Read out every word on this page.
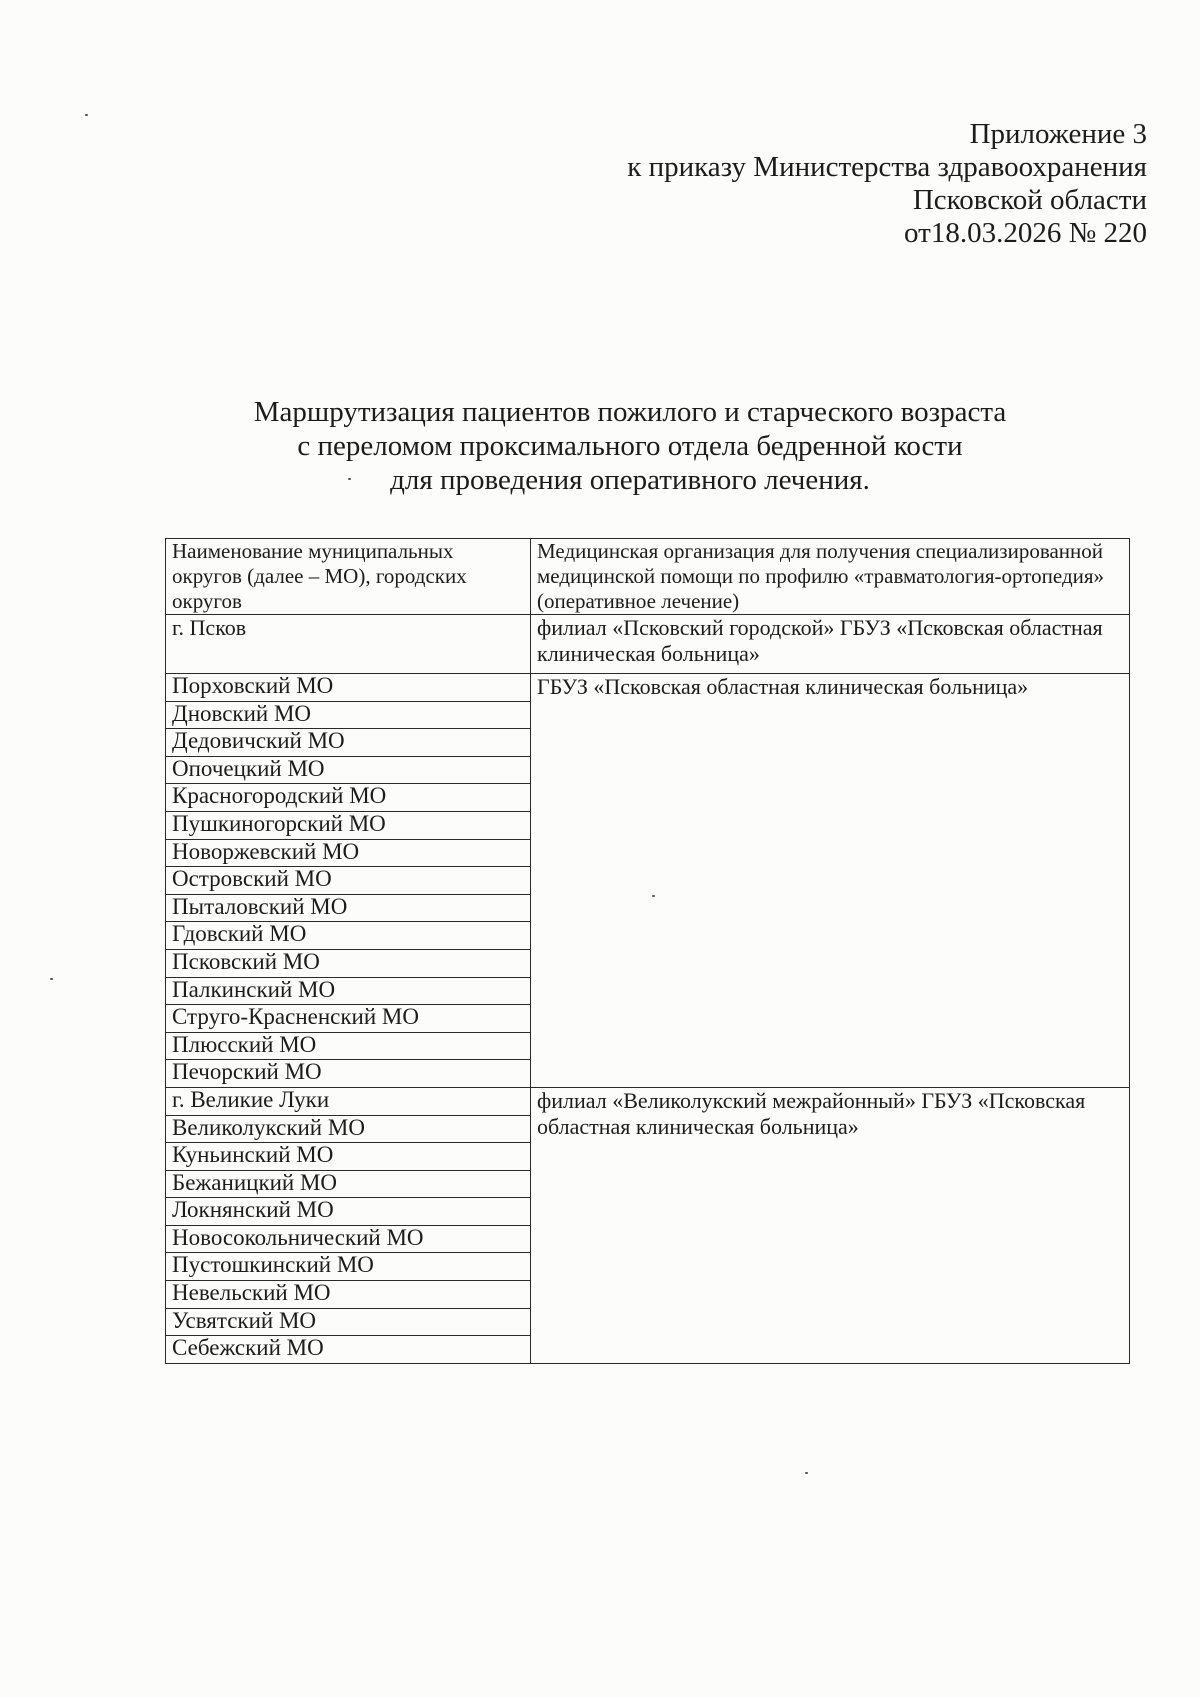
Приложение 3
к приказу Министерства здравоохранения
Псковской области
от18.03.2026 № 220
Маршрутизация пациентов пожилого и старческого возраста
с переломом проксимального отдела бедренной кости
для проведения оперативного лечения.
Наименование муниципальных округов (далее – МО), городских округов	Медицинская организация для получения специализированной медицинской помощи по профилю «травматология-ортопедия» (оперативное лечение)
г. Псков	филиал «Псковский городской» ГБУЗ «Псковская областная клиническая больница»
Порховский МО	ГБУЗ «Псковская областная клиническая больница»
Дновский МО	
Дедовичский МО	
Опочецкий МО	
Красногородский МО	
Пушкиногорский МО	
Новоржевский МО	
Островский МО	
Пыталовский МО	
Гдовский МО	
Псковский МО	
Палкинский МО	
Струго-Красненский МО	
Плюсский МО	
Печорский МО	
г. Великие Луки	филиал «Великолукский межрайонный» ГБУЗ «Псковская областная клиническая больница»
Великолукский МО	
Куньинский МО	
Бежаницкий МО	
Локнянский МО	
Новосокольнический МО	
Пустошкинский МО	
Невельский МО	
Усвятский МО	
Себежский МО	
